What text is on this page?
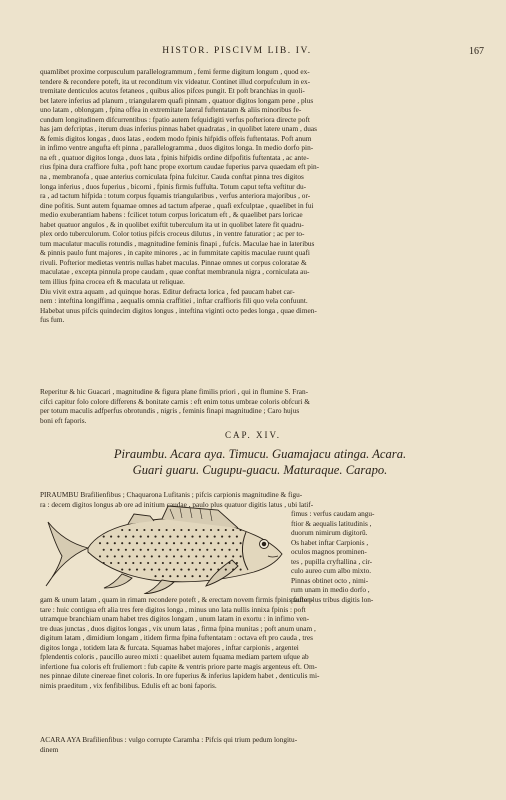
HISTOR. PISCIVM LIB. IV.	167
quamlibet proxime corpusculum parallelogrammum , femi ferme digitum longum , quod ex-
tendere & recondere poteft, ita ut reconditum vix videatur. Continet illud corpufculum in ex-
tremitate denticulos acutos fetaneos , quibus alios pifces pungit. Et poft branchias in quoli-
bet latere inferius ad planum , triangularem quafi pinnam , quatuor digitos longam pene , plus
uno latam , oblongam , fpina offea in extremitate lateral fuftentatam & aliis minoribus fe-
cundum longitudinem difcurrentibus : fpatio autem fefquidigiti verfus pofteriora directe poft
has jam defcriptas , iterum duas inferius pinnas habet quadratas , in quolibet latere unam , duas
& femis digitos longas , duos latas , eodem modo fpinis hifpidis offeis fuftentatas. Poft anum
in infimo ventre angufta eft pinna , parallelogramma , duos digitos longa. In medio dorfo pin-
na eft , quatuor digitos longa , duos lata , fpinis hifpidis ordine difpofitis fuftentata , ac ante-
rius fpina dura craffiore fulta , poft hanc prope exortum caudae fuperius parva quaedam eft pin-
na , membranofa , quae anterius corniculata fpina fulcitur. Cauda conftat pinna tres digitos
longa inferius , duos fuperius , bicorni , fpinis firmis fuffulta. Totum caput tefta veftitur du-
ra , ad tactum hifpida : totum corpus fquamis triangularibus , verfus anteriora majoribus , or-
dine pofitis. Sunt autem fquamae omnes ad tactum afperae , quafi exfculptae , quaelibet in fui
medio exuberantiam habens : fcilicet totum corpus loricatum eft , & quaelibet pars loricae
habet quatuor angulos , & in quolibet exiftit tuberculum ita ut in quolibet latere fit quadru-
plex ordo tuberculorum. Color totius pifcis croceus dilutus , in ventre faturatior ; ac per to-
tum maculatur maculis rotundis , magnitudine feminis finapi , fufcis. Maculae hae in lateribus
& pinnis paulo funt majores , in capite minores , ac in fummitate capitis maculae ruunt quafi
rivuli. Pofterior medietas ventris nullas habet maculas. Pinnae omnes ut corpus coloratae &
maculatae , excepta pinnula prope caudam , quae conftat membranula nigra , corniculata au-
tem illius fpina crocea eft & maculata ut reliquae.
Diu vivit extra aquam , ad quinque horas. Editur defracta lorica , fed paucam habet car-
nem : inteftina longiffima , aequalis omnia craffitiei , inftar craffioris fili quo vela confuunt.
Habebat unus pifcis quindecim digitos longus , inteftina viginti octo pedes longa , quae dimen-
fus fum.
Reperitur & hic Guacari , magnitudine & figura plane fimilis priori , qui in flumine S. Fran-
cifci capitur folo colore differens & bonitate carnis : eft enim totus umbrae coloris obfcuri &
per totum maculis adfperfus obrotundis , nigris , feminis finapi magnitudine ; Caro hujus
boni eft faporis.
CAP. XIV.
Piraumbu. Acara aya. Timucu. Guamajacu atinga. Acara.
Guari guaru. Cugupu-guacu. Maturaque. Carapo.
PIRAUMBU Brafilienfibus ; Chaquarona Lufitanis ; pifcis carpionis magnitudine & figu-
ra : decem digitos longus ab ore ad initium caudae , paulo plus quatuor digitis latus , ubi latif-
fimus : verfus caudam angu-
ftior & aequalis latitudinis ,
duorum nimirum digitorū.
Os habet inftar Carpionis ,
oculos magnos prominen-
tes , pupilla cryftallina , cir-
culo aureo cum albo mixto.
Pinnas obtinet octo , nimi-
rum unam in medio dorfo ,
paulo plus tribus digitis lon-
gam & unum latam , quam in rimam recondere poteft , & erectam novem firmis fpinis fuften-
tare : huic contigua eft alia tres fere digitos longa , minus uno lata nullis innixa fpinis : poft
utramque branchiam unam habet tres digitos longam , unum latam in exortu : in infimo ven-
tre duas junctas , duos digitos longas , vix unum latas , firma fpina munitas ; poft anum unam ,
digitum latam , dimidium longam , itidem firma fpina fuftentatam : octava eft pro cauda , tres
digitos longa , totidem lata & furcata. Squamas habet majores , inftar carpionis , argentei
fplendentis coloris , paucillo aureo mixti : quaelibet autem fquama mediam partem ufque ab
infertione fua coloris eft fruliemort : fub capite & ventris priore parte magis argenteus eft. Om-
nes pinnae dilute cinereae finet coloris. In ore fuperius & inferius lapidem habet , denticulis mi-
nimis praeditum , vix fenfibilibus. Edulis eft ac boni faporis.
ACARA AYA Brafilienfibus : vulgo corrupte Caramha : Pifcis qui trium pedum longitu-
dinem
